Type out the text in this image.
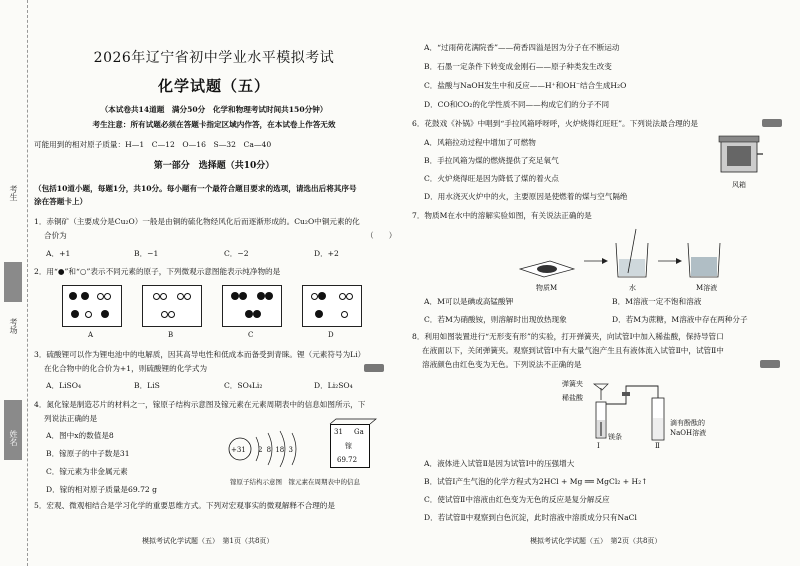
考生
考场
姓名
2026年辽宁省初中学业水平模拟考试
化学试题（五）
（本试卷共14道题　满分50分　化学和物理考试时间共150分钟）
考生注意：所有试题必须在答题卡指定区域内作答，在本试卷上作答无效
可能用到的相对原子质量：H—1　C—12　O—16　S—32　Ca—40
第一部分　选择题（共10分）
（包括10道小题，每题1分，共10分。每小题有一个最符合题目要求的选项，请选出后将其序号
涂在答题卡上）
1．赤铜矿（主要成分是Cu₂O）一般是由铜的硫化物经风化后而逐渐形成的。Cu₂O中铜元素的化
合价为	（　　）
A．+1	B．−1	C．−2	D．+2
2．用“●”和“○”表示不同元素的原子，下列微观示意图能表示纯净物的是
A	B	C	D
3．硫酸锂可以作为锂电池中的电解质，因其高导电性和低成本而备受到青睐。锂（元素符号为Li）
在化合物中的化合价为+1，则硫酸锂的化学式为
A．LiSO₄	B．LiS	C．SO₄Li₂	D．Li₂SO₄
4．氮化镓是制造芯片的材料之一，镓原子结构示意图及镓元素在元素周期表中的信息如图所示，下
列说法正确的是
A．图中x的数值是8
B．镓原子的中子数是31
C．镓元素为非金属元素
D．镓的相对原子质量是69.72 g
+31 2 8 18 3
31 Ga
镓
69.72
镓原子结构示意图　镓元素在周期表中的信息
5．宏观、微观相结合是学习化学的重要思维方式。下列对宏观事实的微观解释不合理的是
模拟考试化学试题（五）　第1页（共8页）
A．“过雨荷花满院香”——荷香四溢是因为分子在不断运动
B．石墨一定条件下转变成金刚石——原子种类发生改变
C．盐酸与NaOH发生中和反应——H⁺和OH⁻结合生成H₂O
D．CO和CO₂的化学性质不同——构成它们的分子不同
6．花鼓戏《补锅》中唱到“手拉风箱呼呀呼，火炉烧得红旺旺”。下列说法最合理的是
A．风箱拉动过程中增加了可燃物
B．手拉风箱为煤的燃烧提供了充足氧气
C．火炉烧得旺是因为降低了煤的着火点
D．用水浇灭火炉中的火，主要原因是使燃着的煤与空气隔绝
风箱
7．物质M在水中的溶解实验如图，有关说法正确的是
物质M	水	M溶液
A．M可以是碘或高锰酸钾	B．M溶液一定不饱和溶液
C．若M为硝酸铵，则溶解时出现放热现象	D．若M为蔗糖，M溶液中存在两种分子
8．利用如图装置进行“无形变有形”的实验，打开弹簧夹，向试管Ⅰ中加入稀盐酸，保持导管口
在液面以下，关闭弹簧夹。观察到试管Ⅰ中有大量气泡产生且有液体流入试管Ⅱ中，试管Ⅱ中
溶液颜色由红色变为无色。下列说法不正确的是
弹簧夹
稀盐酸
镁条
滴有酚酞的
NaOH溶液
Ⅰ	Ⅱ
A．液体进入试管Ⅱ是因为试管Ⅰ中的压强增大
B．试管Ⅰ产生气泡的化学方程式为2HCl + Mg ══ MgCl₂ + H₂↑
C．使试管Ⅱ中溶液由红色变为无色的反应是复分解反应
D．若试管Ⅱ中观察到白色沉淀，此时溶液中溶质成分只有NaCl
模拟考试化学试题（五）　第2页（共8页）
